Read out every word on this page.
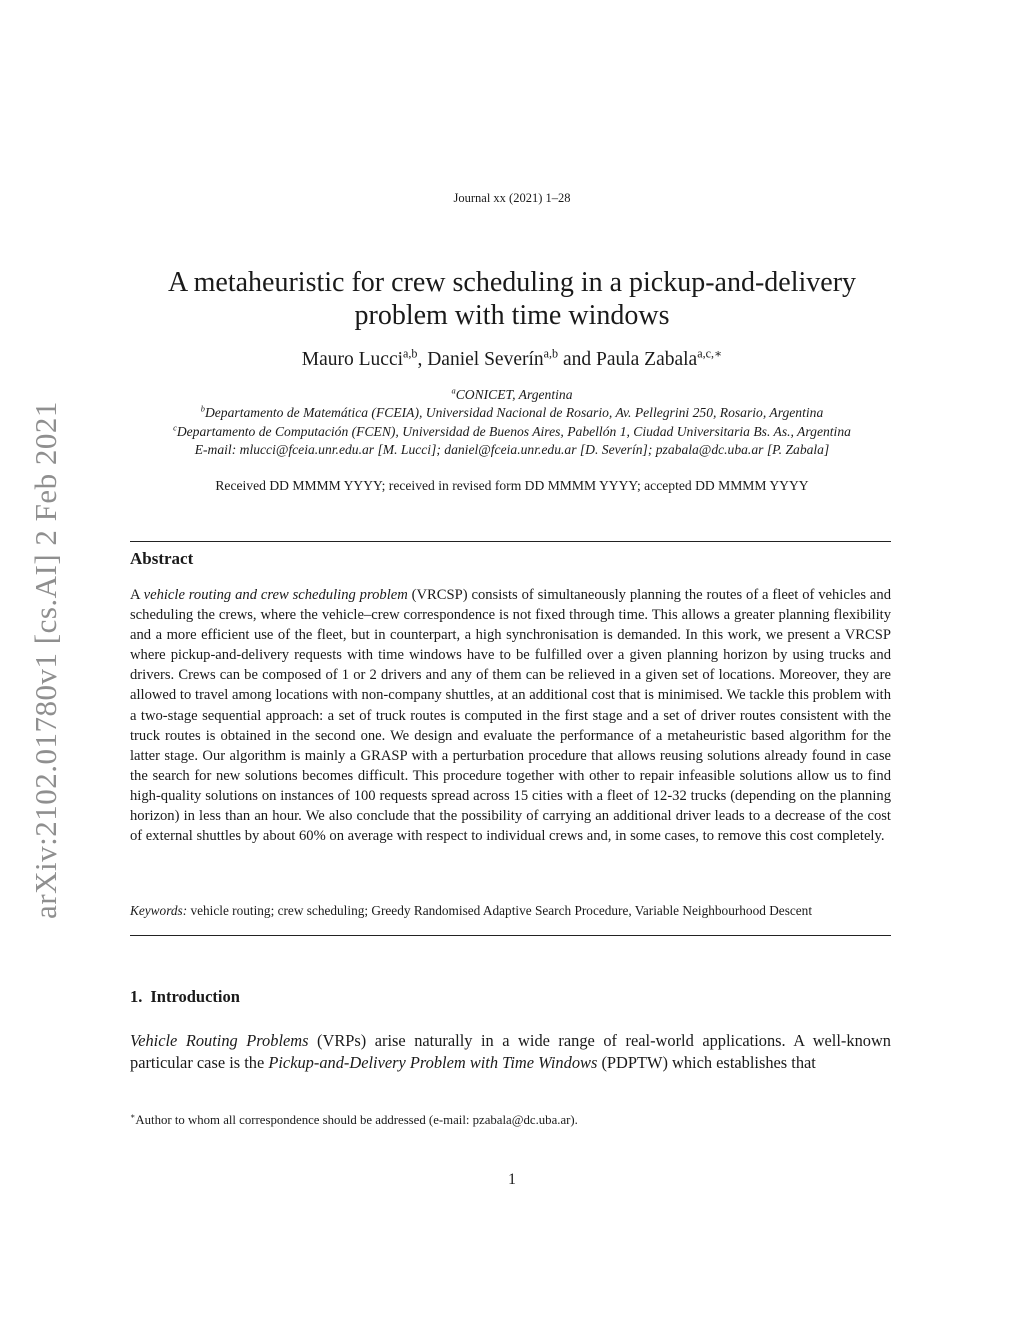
arXiv:2102.01780v1 [cs.AI] 2 Feb 2021
Journal xx (2021) 1–28
A metaheuristic for crew scheduling in a pickup-and-delivery
problem with time windows
Mauro Lucci$^{a,b}$, Daniel Severín$^{a,b}$ and Paula Zabala$^{a,c,∗}$
$^a$CONICET, Argentina
$^b$Departamento de Matemática (FCEIA), Universidad Nacional de Rosario, Av. Pellegrini 250, Rosario, Argentina
$^c$Departamento de Computación (FCEN), Universidad de Buenos Aires, Pabellón 1, Ciudad Universitaria Bs. As., Argentina
E-mail: mlucci@fceia.unr.edu.ar [M. Lucci]; daniel@fceia.unr.edu.ar [D. Severín]; pzabala@dc.uba.ar [P. Zabala]
Received DD MMMM YYYY; received in revised form DD MMMM YYYY; accepted DD MMMM YYYY
Abstract
A vehicle routing and crew scheduling problem (VRCSP) consists of simultaneously planning the routes of a fleet of vehicles and scheduling the crews, where the vehicle–crew correspondence is not fixed through time. This allows a greater planning flexibility and a more efficient use of the fleet, but in counterpart, a high synchronisation is demanded. In this work, we present a VRCSP where pickup-and-delivery requests with time windows have to be fulfilled over a given planning horizon by using trucks and drivers. Crews can be composed of 1 or 2 drivers and any of them can be relieved in a given set of locations. Moreover, they are allowed to travel among locations with non-company shuttles, at an additional cost that is minimised. We tackle this problem with a two-stage sequential approach: a set of truck routes is computed in the first stage and a set of driver routes consistent with the truck routes is obtained in the second one. We design and evaluate the performance of a metaheuristic based algorithm for the latter stage. Our algorithm is mainly a GRASP with a perturbation procedure that allows reusing solutions already found in case the search for new solutions becomes difficult. This procedure together with other to repair infeasible solutions allow us to find high-quality solutions on instances of 100 requests spread across 15 cities with a fleet of 12-32 trucks (depending on the planning horizon) in less than an hour. We also conclude that the possibility of carrying an additional driver leads to a decrease of the cost of external shuttles by about 60% on average with respect to individual crews and, in some cases, to remove this cost completely.
Keywords: vehicle routing; crew scheduling; Greedy Randomised Adaptive Search Procedure, Variable Neighbourhood Descent
1. Introduction
Vehicle Routing Problems (VRPs) arise naturally in a wide range of real-world applications. A well-known particular case is the Pickup-and-Delivery Problem with Time Windows (PDPTW) which establishes that
∗Author to whom all correspondence should be addressed (e-mail: pzabala@dc.uba.ar).
1
